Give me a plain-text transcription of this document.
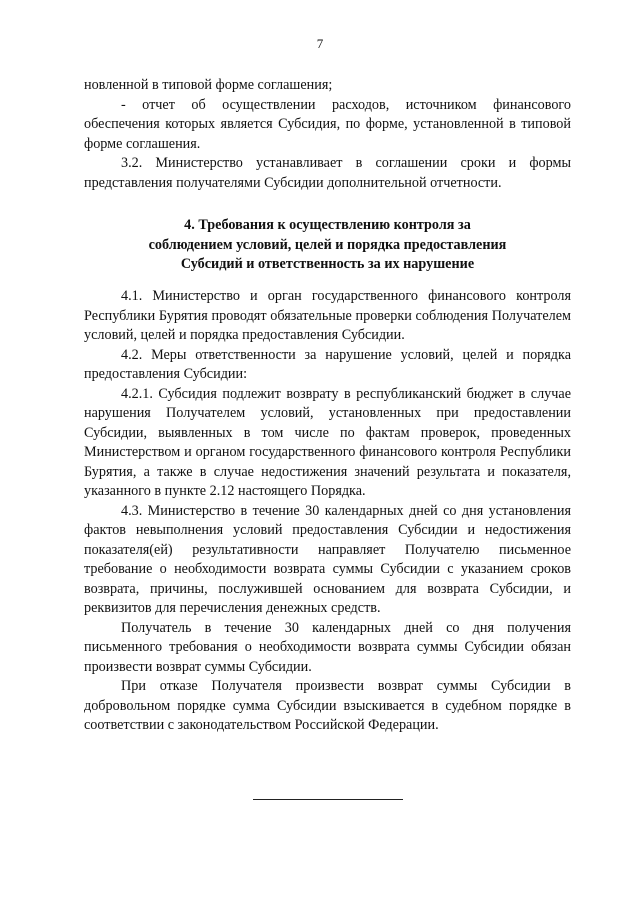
7

новленной в типовой форме соглашения;

- отчет об осуществлении расходов, источником финансового обеспечения которых является Субсидия, по форме, установленной в типовой форме соглашения.

3.2. Министерство устанавливает в соглашении сроки и формы представления получателями Субсидии дополнительной отчетности.

4. Требования к осуществлению контроля за
соблюдением условий, целей и порядка предоставления
Субсидий и ответственность за их нарушение

4.1. Министерство и орган государственного финансового контроля Республики Бурятия проводят обязательные проверки соблюдения Получателем условий, целей и порядка предоставления Субсидии.

4.2. Меры ответственности за нарушение условий, целей и порядка предоставления Субсидии:

4.2.1. Субсидия подлежит возврату в республиканский бюджет в случае нарушения Получателем условий, установленных при предоставлении Субсидии, выявленных в том числе по фактам проверок, проведенных Министерством и органом государственного финансового контроля Республики Бурятия, а также в случае недостижения значений результата и показателя, указанного в пункте 2.12 настоящего Порядка.

4.3. Министерство в течение 30 календарных дней со дня установления фактов невыполнения условий предоставления Субсидии и недостижения показателя(ей) результативности направляет Получателю письменное требование о необходимости возврата суммы Субсидии с указанием сроков возврата, причины, послужившей основанием для возврата Субсидии, и реквизитов для перечисления денежных средств.

Получатель в течение 30 календарных дней со дня получения письменного требования о необходимости возврата суммы Субсидии обязан произвести возврат суммы Субсидии.

При отказе Получателя произвести возврат суммы Субсидии в добровольном порядке сумма Субсидии взыскивается в судебном порядке в соответствии с законодательством Российской Федерации.
